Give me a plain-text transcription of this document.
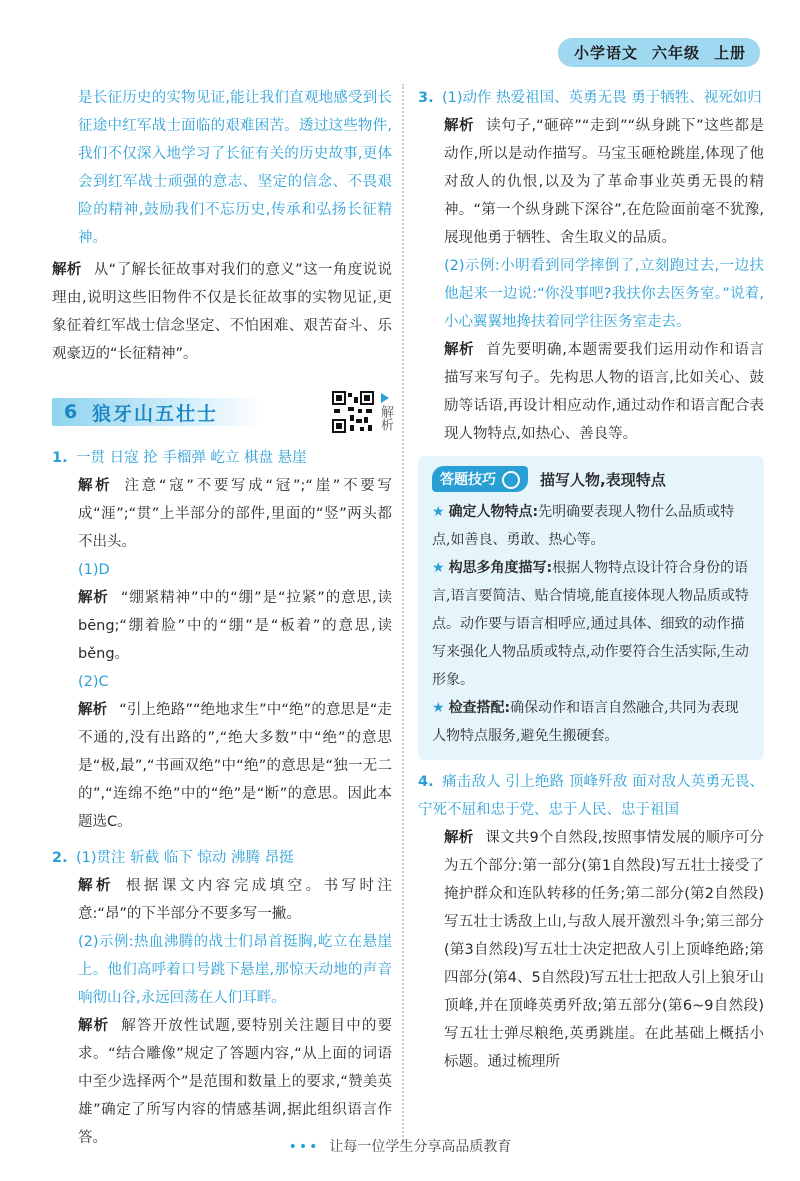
小学语文 六年级 上册

是长征历史的实物见证,能让我们直观地感受到长征途中红军战士面临的艰难困苦。透过这些物件,我们不仅深入地学习了长征有关的历史故事,更体会到红军战士顽强的意志、坚定的信念、不畏艰险的精神,鼓励我们不忘历史,传承和弘扬长征精神。

解析 从“了解长征故事对我们的意义”这一角度说说理由,说明这些旧物件不仅是长征故事的实物见证,更象征着红军战士信念坚定、不怕困难、艰苦奋斗、乐观豪迈的“长征精神”。

6 狼牙山五壮士	解析

1. 一贯 日寇 抡 手榴弹 屹立 棋盘 悬崖

解析 注意“寇”不要写成“冠”;“崖”不要写成“涯”;“贯”上半部分的部件,里面的“竖”两头都不出头。

(1)D

解析 “绷紧精神”中的“绷”是“拉紧”的意思,读bēng;“绷着脸”中的“绷”是“板着”的意思,读běng。

(2)C

解析 “引上绝路”“绝地求生”中“绝”的意思是“走不通的,没有出路的”,“绝大多数”中“绝”的意思是“极,最”,“书画双绝”中“绝”的意思是“独一无二的”,“连绵不绝”中的“绝”是“断”的意思。因此本题选C。

2. (1)贯注 斩截 临下 惊动 沸腾 昂挺

解析 根据课文内容完成填空。书写时注意:“昂”的下半部分不要多写一撇。

(2)示例:热血沸腾的战士们昂首挺胸,屹立在悬崖上。他们高呼着口号跳下悬崖,那惊天动地的声音响彻山谷,永远回荡在人们耳畔。

解析 解答开放性试题,要特别关注题目中的要求。“结合雕像”规定了答题内容,“从上面的词语中至少选择两个”是范围和数量上的要求,“赞美英雄”确定了所写内容的情感基调,据此组织语言作答。

3. (1)动作 热爱祖国、英勇无畏 勇于牺牲、视死如归

解析 读句子,“砸碎”“走到”“纵身跳下”这些都是动作,所以是动作描写。马宝玉砸枪跳崖,体现了他对敌人的仇恨,以及为了革命事业英勇无畏的精神。“第一个纵身跳下深谷”,在危险面前毫不犹豫,展现他勇于牺牲、舍生取义的品质。

(2)示例:小明看到同学摔倒了,立刻跑过去,一边扶他起来一边说:“你没事吧?我扶你去医务室。”说着,小心翼翼地搀扶着同学往医务室走去。

解析 首先要明确,本题需要我们运用动作和语言描写来写句子。先构思人物的语言,比如关心、鼓励等话语,再设计相应动作,通过动作和语言配合表现人物特点,如热心、善良等。

答题技巧	描写人物,表现特点

★ 确定人物特点:先明确要表现人物什么品质或特点,如善良、勇敢、热心等。

★ 构思多角度描写:根据人物特点设计符合身份的语言,语言要简洁、贴合情境,能直接体现人物品质或特点。动作要与语言相呼应,通过具体、细致的动作描写来强化人物品质或特点,动作要符合生活实际,生动形象。

★ 检查搭配:确保动作和语言自然融合,共同为表现人物特点服务,避免生搬硬套。

4. 痛击敌人 引上绝路 顶峰歼敌 面对敌人英勇无畏、宁死不屈和忠于党、忠于人民、忠于祖国

解析 课文共9个自然段,按照事情发展的顺序可分为五个部分:第一部分(第1自然段)写五壮士接受了掩护群众和连队转移的任务;第二部分(第2自然段)写五壮士诱敌上山,与敌人展开激烈斗争;第三部分(第3自然段)写五壮士决定把敌人引上顶峰绝路;第四部分(第4、5自然段)写五壮士把敌人引上狼牙山顶峰,并在顶峰英勇歼敌;第五部分(第6~9自然段)写五壮士弹尽粮绝,英勇跳崖。在此基础上概括小标题。通过梳理所

••• 让每一位学生分享高品质教育
